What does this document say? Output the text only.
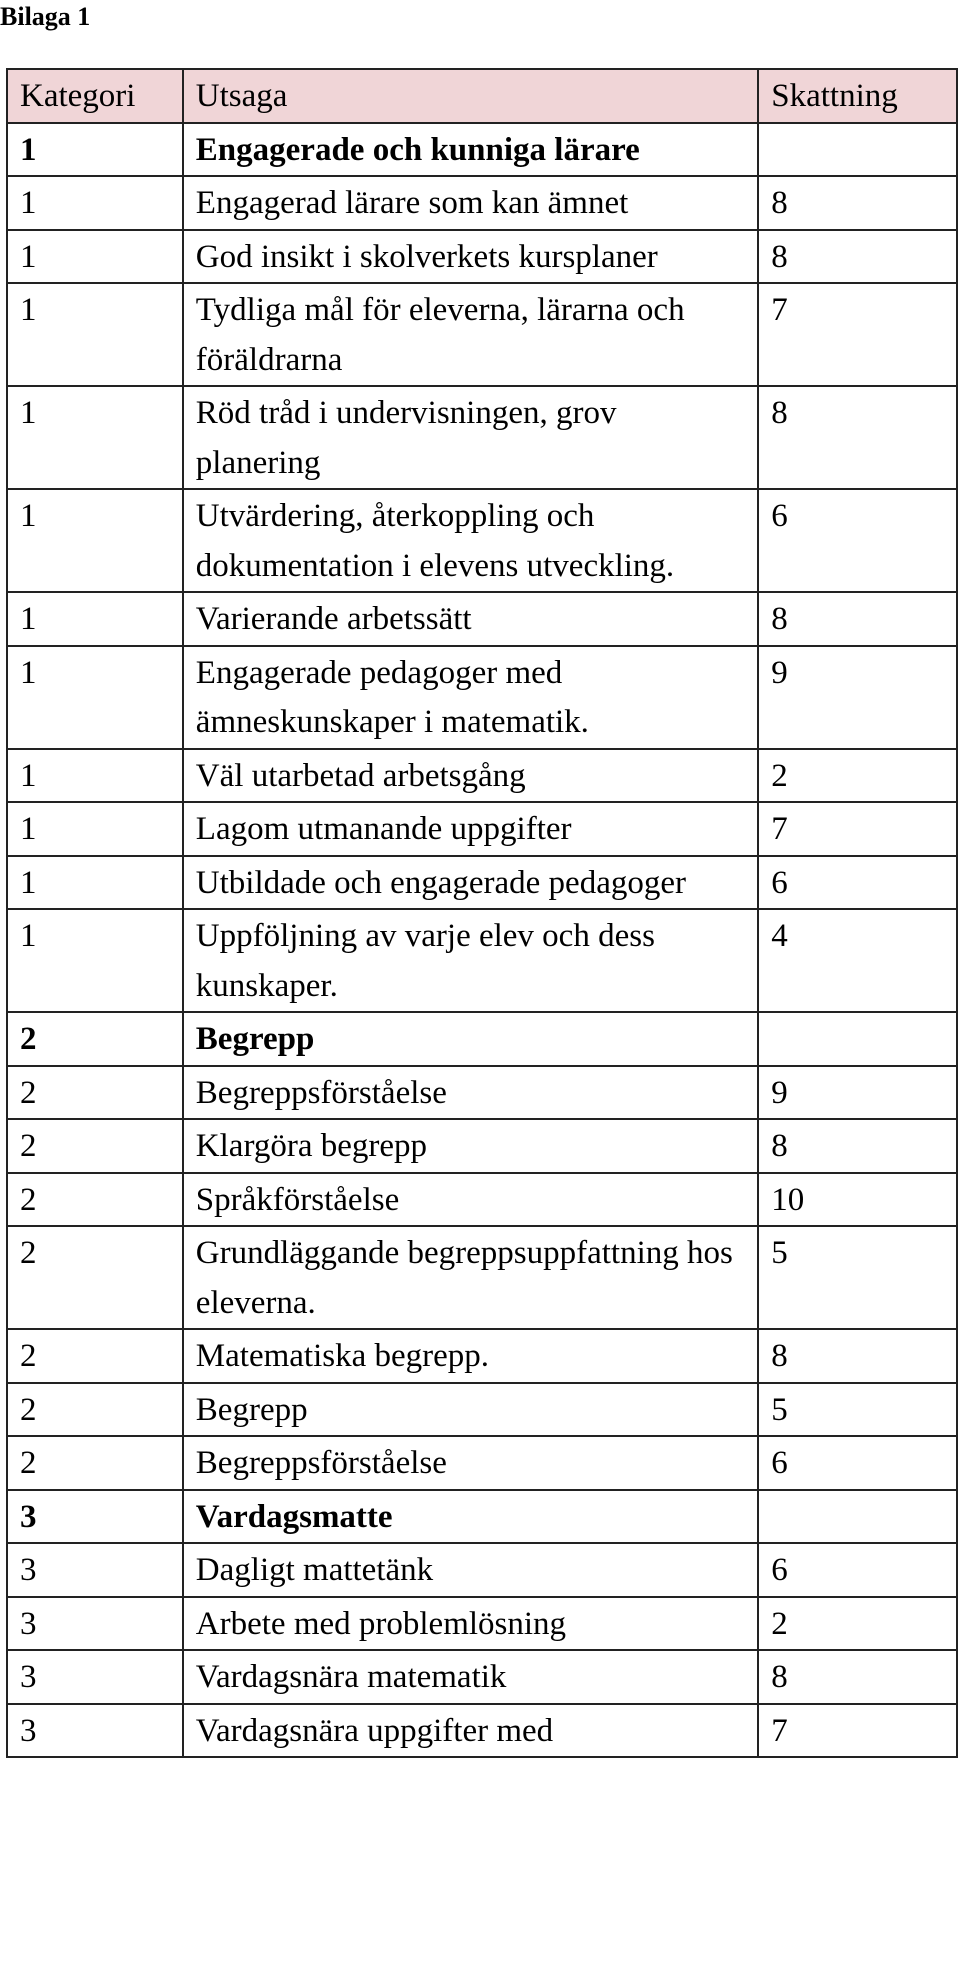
Bilaga 1
Kategori	Utsaga	Skattning
1	Engagerade och kunniga lärare	
1	Engagerad lärare som kan ämnet	8
1	God insikt i skolverkets kursplaner	8
1	Tydliga mål för eleverna, lärarna och föräldrarna	7
1	Röd tråd i undervisningen, grov planering	8
1	Utvärdering, återkoppling och dokumentation i elevens utveckling.	6
1	Varierande arbetssätt	8
1	Engagerade pedagoger med ämneskunskaper i matematik.	9
1	Väl utarbetad arbetsgång	2
1	Lagom utmanande uppgifter	7
1	Utbildade och engagerade pedagoger	6
1	Uppföljning av varje elev och dess kunskaper.	4
2	Begrepp	
2	Begreppsförståelse	9
2	Klargöra begrepp	8
2	Språkförståelse	10
2	Grundläggande begreppsuppfattning hos eleverna.	5
2	Matematiska begrepp.	8
2	Begrepp	5
2	Begreppsförståelse	6
3	Vardagsmatte	
3	Dagligt mattetänk	6
3	Arbete med problemlösning	2
3	Vardagsnära matematik	8
3	Vardagsnära uppgifter med	7
